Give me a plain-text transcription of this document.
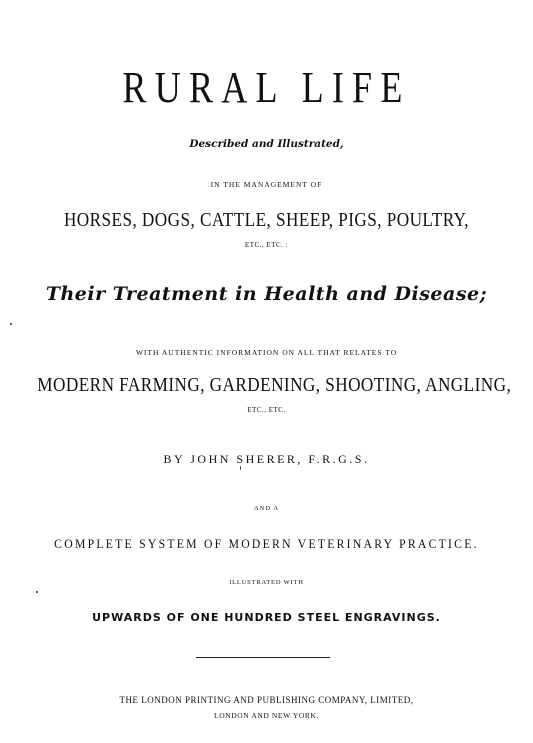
RURAL LIFE
Described and Illustrated,
IN THE MANAGEMENT OF
HORSES, DOGS, CATTLE, SHEEP, PIGS, POULTRY,
ETC., ETC. :
Their Treatment in Health and Disease;
WITH AUTHENTIC INFORMATION ON ALL THAT RELATES TO
MODERN FARMING, GARDENING, SHOOTING, ANGLING,
ETC., ETC.
BY JOHN SHERER, F.R.G.S.
AND A
COMPLETE SYSTEM OF MODERN VETERINARY PRACTICE.
ILLUSTRATED WITH
UPWARDS OF ONE HUNDRED STEEL ENGRAVINGS.
THE LONDON PRINTING AND PUBLISHING COMPANY, LIMITED,
LONDON AND NEW YORK.
